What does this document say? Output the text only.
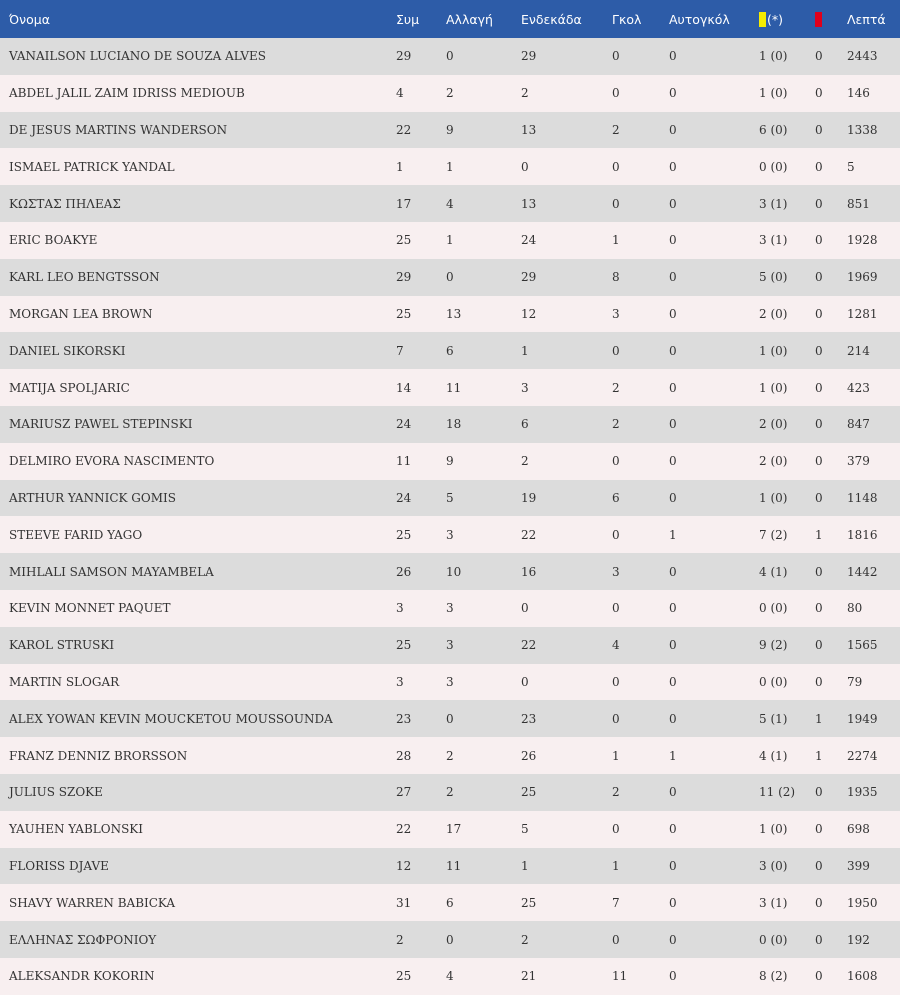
Όνομα	Συμ	Αλλαγή	Ενδεκάδα	Γκολ	Αυτογκόλ	(*)		Λεπτά
VANAILSON LUCIANO DE SOUZA ALVES	29	0	29	0	0	1 (0)	0	2443
ABDEL JALIL ZAIM IDRISS MEDIOUB	4	2	2	0	0	1 (0)	0	146
DE JESUS MARTINS WANDERSON	22	9	13	2	0	6 (0)	0	1338
ISMAEL PATRICK YANDAL	1	1	0	0	0	0 (0)	0	5
ΚΩΣΤΑΣ ΠΗΛΕΑΣ	17	4	13	0	0	3 (1)	0	851
ERIC BOAKYE	25	1	24	1	0	3 (1)	0	1928
KARL LEO BENGTSSON	29	0	29	8	0	5 (0)	0	1969
MORGAN LEA BROWN	25	13	12	3	0	2 (0)	0	1281
DANIEL SIKORSKI	7	6	1	0	0	1 (0)	0	214
MATIJA SPOLJARIC	14	11	3	2	0	1 (0)	0	423
MARIUSZ PAWEL STEPINSKI	24	18	6	2	0	2 (0)	0	847
DELMIRO EVORA NASCIMENTO	11	9	2	0	0	2 (0)	0	379
ARTHUR YANNICK GOMIS	24	5	19	6	0	1 (0)	0	1148
STEEVE FARID YAGO	25	3	22	0	1	7 (2)	1	1816
MIHLALI SAMSON MAYAMBELA	26	10	16	3	0	4 (1)	0	1442
KEVIN MONNET PAQUET	3	3	0	0	0	0 (0)	0	80
KAROL STRUSKI	25	3	22	4	0	9 (2)	0	1565
MARTIN SLOGAR	3	3	0	0	0	0 (0)	0	79
ALEX YOWAN KEVIN MOUCKETOU MOUSSOUNDA	23	0	23	0	0	5 (1)	1	1949
FRANZ DENNIZ BRORSSON	28	2	26	1	1	4 (1)	1	2274
JULIUS SZOKE	27	2	25	2	0	11 (2)	0	1935
YAUHEN YABLONSKI	22	17	5	0	0	1 (0)	0	698
FLORISS DJAVE	12	11	1	1	0	3 (0)	0	399
SHAVY WARREN BABICKA	31	6	25	7	0	3 (1)	0	1950
ΕΛΛΗΝΑΣ ΣΩΦΡΟΝΙΟΥ	2	0	2	0	0	0 (0)	0	192
ALEKSANDR KOKORIN	25	4	21	11	0	8 (2)	0	1608
